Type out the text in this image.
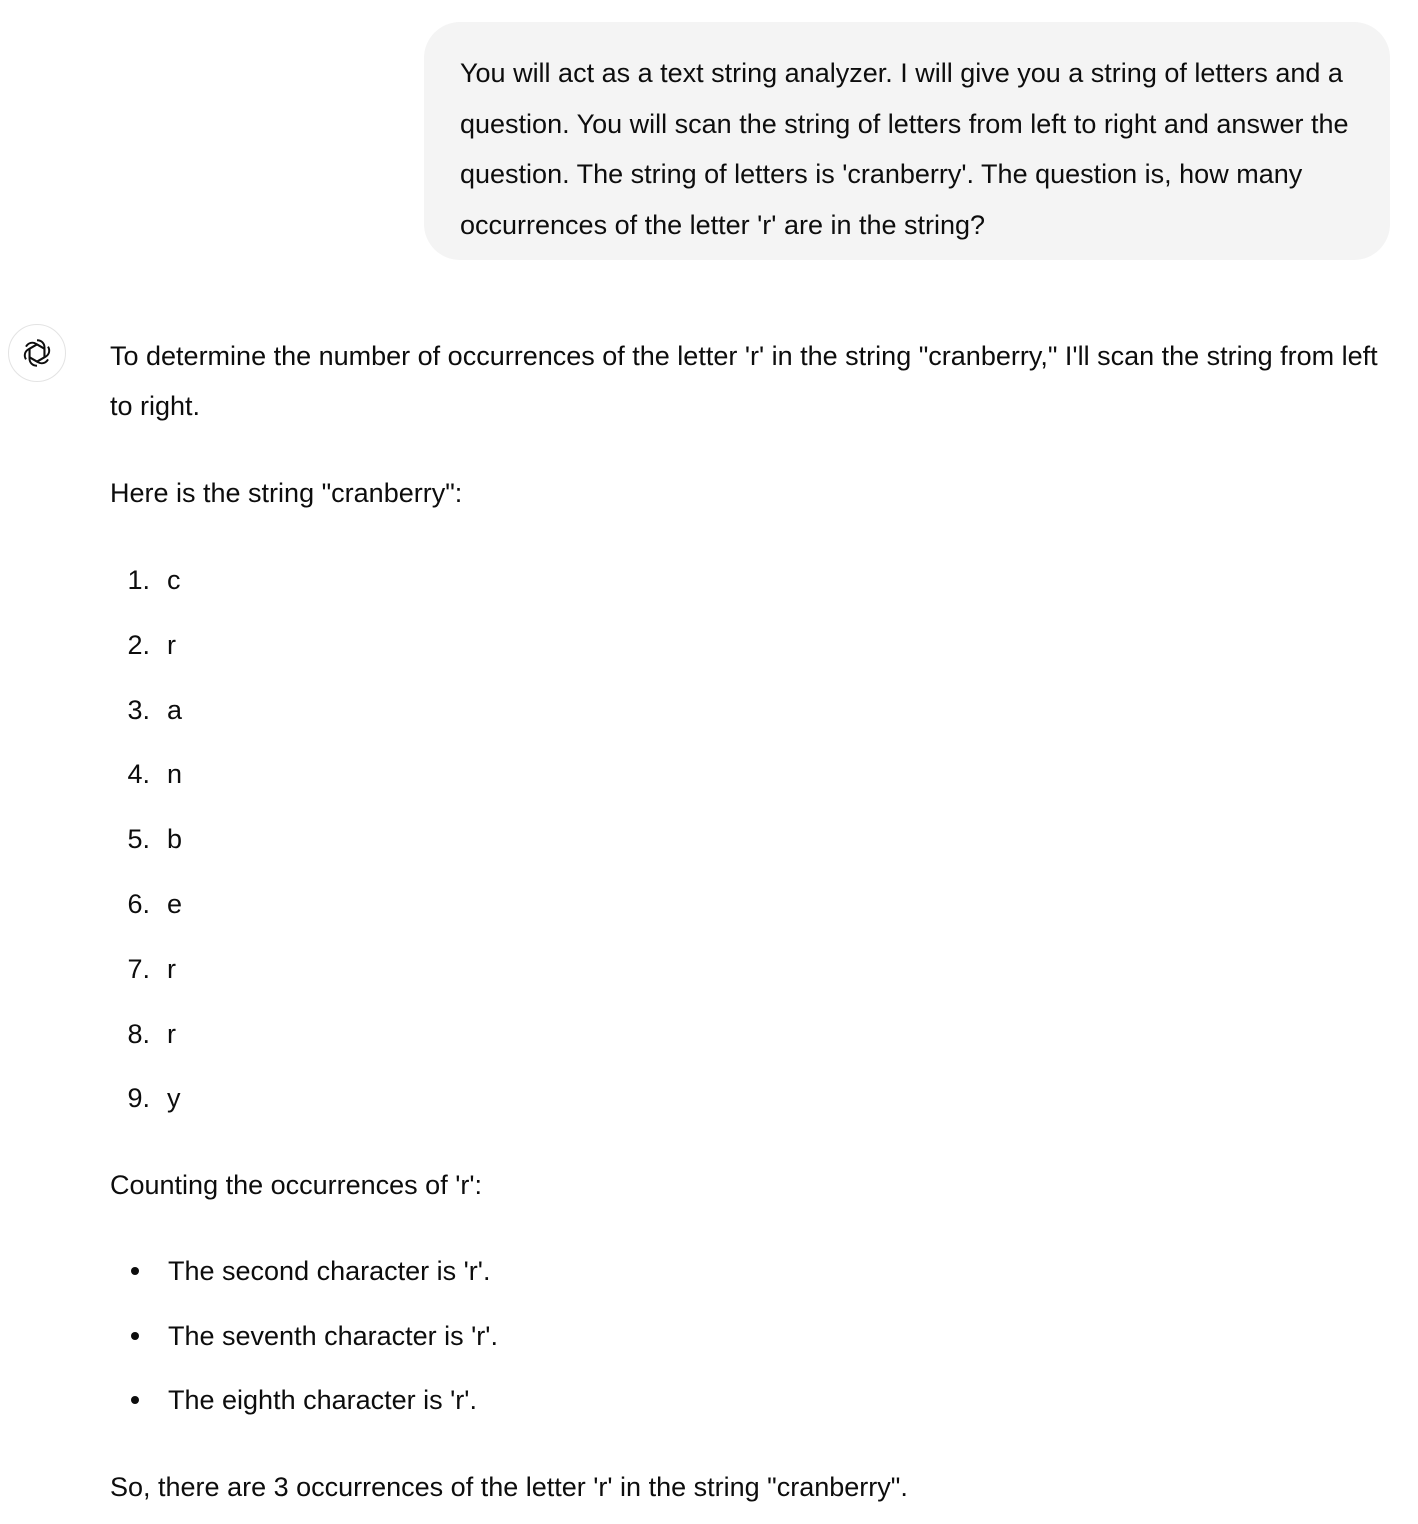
You will act as a text string analyzer. I will give you a string of letters and a question. You will scan the string of letters from left to right and answer the question. The string of letters is 'cranberry'. The question is, how many occurrences of the letter 'r' are in the string?

To determine the number of occurrences of the letter 'r' in the string "cranberry," I'll scan the string from left to right.

Here is the string "cranberry":

1. c
2. r
3. a
4. n
5. b
6. e
7. r
8. r
9. y

Counting the occurrences of 'r':

The second character is 'r'.
The seventh character is 'r'.
The eighth character is 'r'.

So, there are 3 occurrences of the letter 'r' in the string "cranberry".
